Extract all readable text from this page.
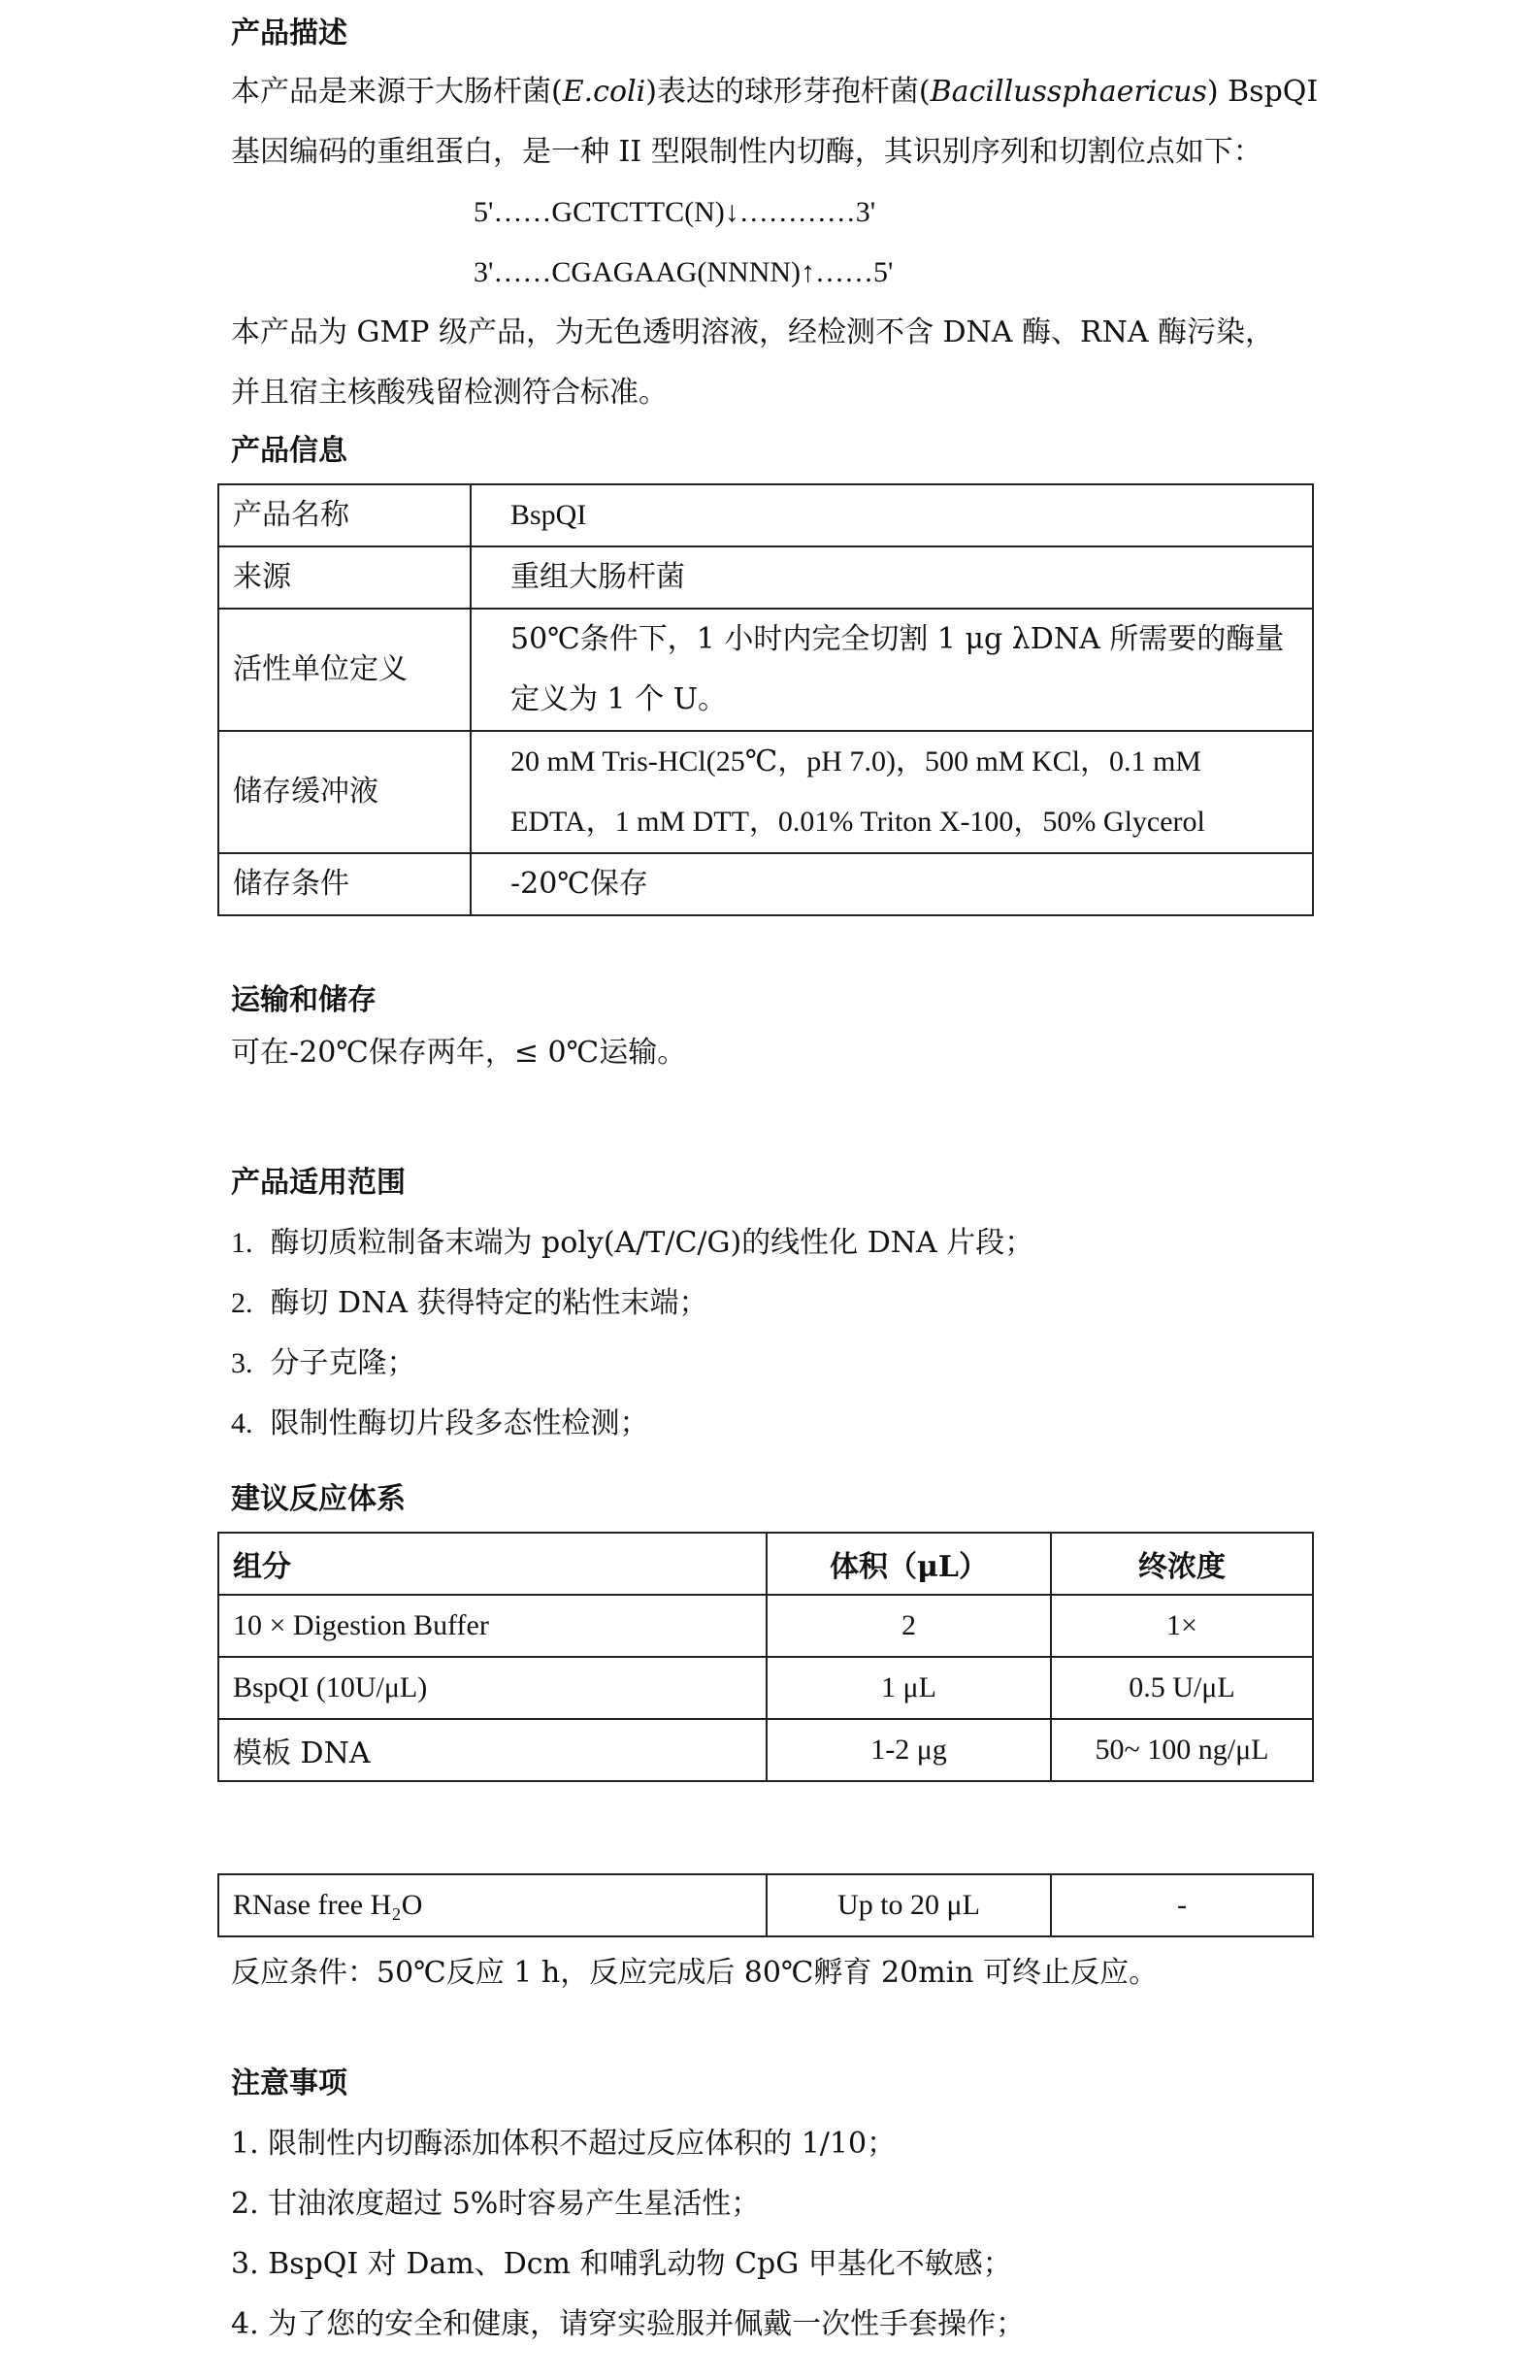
产品描述
本产品是来源于大肠杆菌(E.coli)表达的球形芽孢杆菌(Bacillussphaericus) BspQI
基因编码的重组蛋白，是一种 II 型限制性内切酶，其识别序列和切割位点如下：
5'……GCTCTTC(N)↓…………3'
3'……CGAGAAG(NNNN)↑……5'
本产品为 GMP 级产品，为无色透明溶液，经检测不含 DNA 酶、RNA 酶污染，
并且宿主核酸残留检测符合标准。
产品信息
产品名称	BspQI
来源	重组大肠杆菌
活性单位定义	50℃条件下，1 小时内完全切割 1 μg λDNA 所需要的酶量定义为 1 个 U。
储存缓冲液	20 mM Tris-HCl(25℃，pH 7.0)，500 mM KCl，0.1 mM EDTA，1 mM DTT，0.01% Triton X-100，50% Glycerol
储存条件	-20℃保存
运输和储存
可在-20℃保存两年，≤ 0℃运输。
产品适用范围
1. 酶切质粒制备末端为 poly(A/T/C/G)的线性化 DNA 片段；
2. 酶切 DNA 获得特定的粘性末端；
3. 分子克隆；
4. 限制性酶切片段多态性检测；
建议反应体系
组分	体积（μL）	终浓度
10 × Digestion Buffer	2	1×
BspQI (10U/μL)	1 μL	0.5 U/μL
模板 DNA	1-2 μg	50~ 100 ng/μL
RNase free H₂O	Up to 20 μL	-
反应条件：50℃反应 1 h，反应完成后 80℃孵育 20min 可终止反应。
注意事项
1. 限制性内切酶添加体积不超过反应体积的 1/10；
2. 甘油浓度超过 5%时容易产生星活性；
3. BspQI 对 Dam、Dcm 和哺乳动物 CpG 甲基化不敏感；
4. 为了您的安全和健康，请穿实验服并佩戴一次性手套操作；
